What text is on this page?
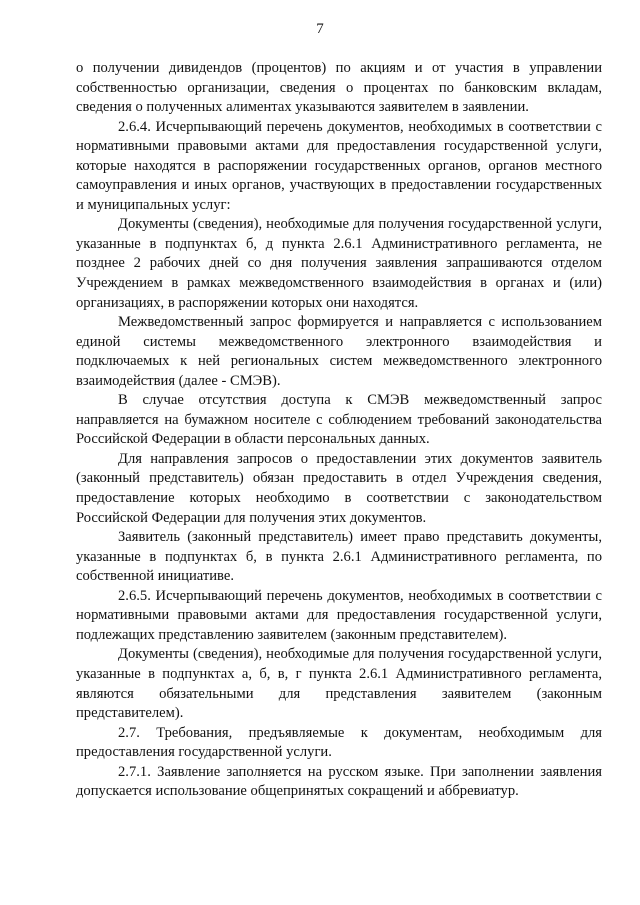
7

о получении дивидендов (процентов) по акциям и от участия в управлении собственностью организации, сведения о процентах по банковским вкладам, сведения о полученных алиментах указываются заявителем в заявлении.

2.6.4. Исчерпывающий перечень документов, необходимых в соответствии с нормативными правовыми актами для предоставления государственной услуги, которые находятся в распоряжении государственных органов, органов местного самоуправления и иных органов, участвующих в предоставлении государственных и муниципальных услуг:

Документы (сведения), необходимые для получения государственной услуги, указанные в подпунктах б, д пункта 2.6.1 Административного регламента, не позднее 2 рабочих дней со дня получения заявления запрашиваются отделом Учреждением в рамках межведомственного взаимодействия в органах и (или) организациях, в распоряжении которых они находятся.

Межведомственный запрос формируется и направляется с использованием единой системы межведомственного электронного взаимодействия и подключаемых к ней региональных систем межведомственного электронного взаимодействия (далее - СМЭВ).

В случае отсутствия доступа к СМЭВ межведомственный запрос направляется на бумажном носителе с соблюдением требований законодательства Российской Федерации в области персональных данных.

Для направления запросов о предоставлении этих документов заявитель (законный представитель) обязан предоставить в отдел Учреждения сведения, предоставление которых необходимо в соответствии с законодательством Российской Федерации для получения этих документов.

Заявитель (законный представитель) имеет право представить документы, указанные в подпунктах б, в пункта 2.6.1 Административного регламента, по собственной инициативе.

2.6.5. Исчерпывающий перечень документов, необходимых в соответствии с нормативными правовыми актами для предоставления государственной услуги, подлежащих представлению заявителем (законным представителем).

Документы (сведения), необходимые для получения государственной услуги, указанные в подпунктах а, б, в, г пункта 2.6.1 Административного регламента, являются обязательными для представления заявителем (законным представителем).

2.7. Требования, предъявляемые к документам, необходимым для предоставления государственной услуги.

2.7.1. Заявление заполняется на русском языке. При заполнении заявления допускается использование общепринятых сокращений и аббревиатур.
